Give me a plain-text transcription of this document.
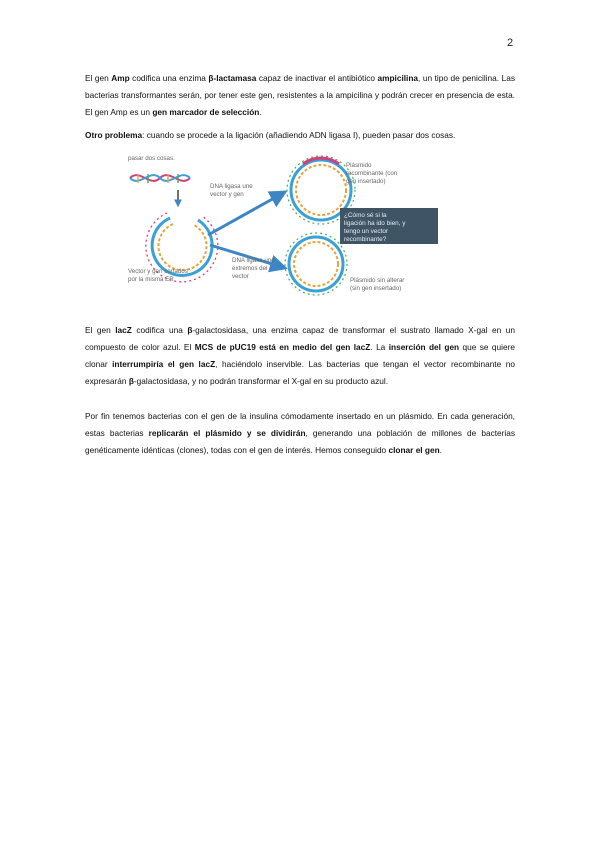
2

El gen Amp codifica una enzima β-lactamasa capaz de inactivar el antibiótico ampicilina, un tipo de penicilina. Las bacterias transformantes serán, por tener este gen, resistentes a la ampicilina y podrán crecer en presencia de esta. El gen Amp es un gen marcador de selección.

Otro problema: cuando se procede a la ligación (añadiendo ADN ligasa I), pueden pasar dos cosas.

pasar dos cosas.
Vector y gen cortados
por la misma ER
DNA ligasa une
vector y gen
DNA ligasa une
extremos del
vector
Plásmido
recombinante (con
gen insertado)
¿Cómo sé si la
ligación ha ido bien, y
tengo un vector
recombinante?
Plásmido sin alterar
(sin gen insertado)

El gen lacZ codifica una β-galactosidasa, una enzima capaz de transformar el sustrato llamado X-gal en un compuesto de color azul. El MCS de pUC19 está en medio del gen lacZ. La inserción del gen que se quiere clonar interrumpiría el gen lacZ, haciéndolo inservible. Las bacterias que tengan el vector recombinante no expresarán β-galactosidasa, y no podrán transformar el X-gal en su producto azul.

Por fin tenemos bacterias con el gen de la insulina cómodamente insertado en un plásmido. En cada generación, estas bacterias replicarán el plásmido y se dividirán, generando una población de millones de bacterias genéticamente idénticas (clones), todas con el gen de interés. Hemos conseguido clonar el gen.
